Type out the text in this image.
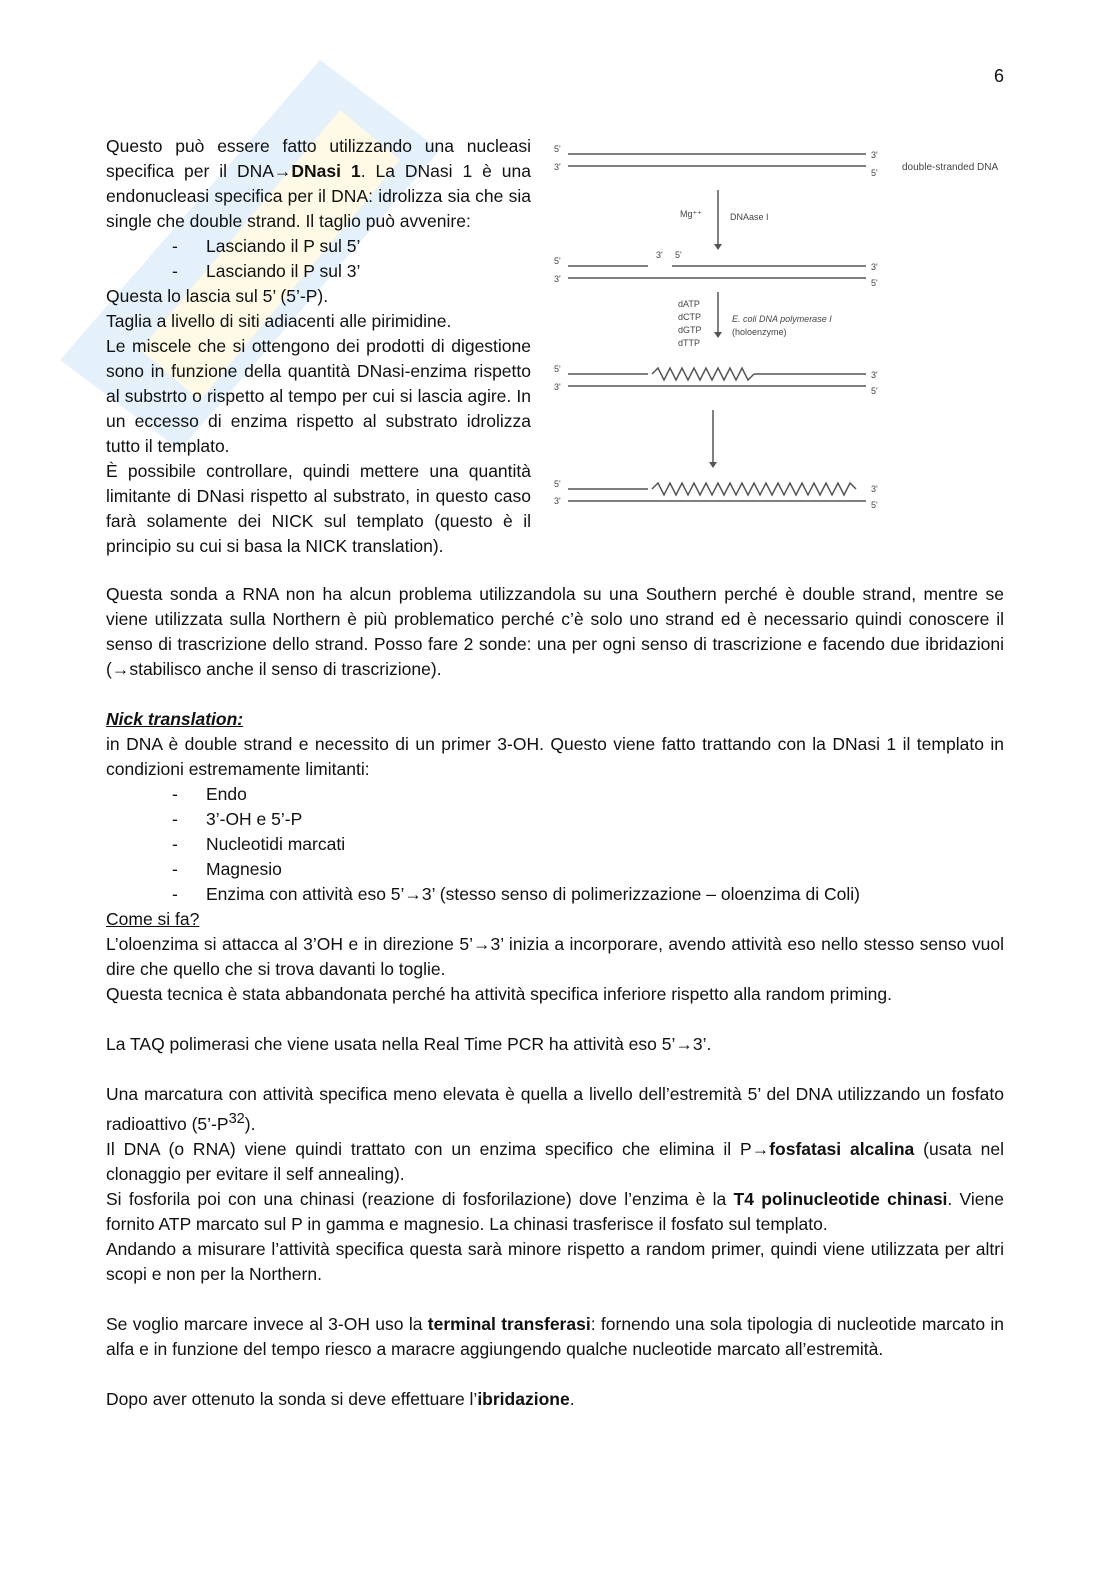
6

Questo può essere fatto utilizzando una nucleasi specifica per il DNA→DNasi 1. La DNasi 1 è una endonucleasi specifica per il DNA: idrolizza sia che sia single che double strand. Il taglio può avvenire:

-	Lasciando il P sul 5’
-	Lasciando il P sul 3’

Questa lo lascia sul 5’ (5’-P).

Taglia a livello di siti adiacenti alle pirimidine.

Le miscele che si ottengono dei prodotti di digestione sono in funzione della quantità DNasi-enzima rispetto al substrto o rispetto al tempo per cui si lascia agire. In un eccesso di enzima rispetto al substrato idrolizza tutto il templato.

È possibile controllare, quindi mettere una quantità limitante di DNasi rispetto al substrato, in questo caso farà solamente dei NICK sul templato (questo è il principio su cui si basa la NICK translation).

5'
3'
3'
5' double-stranded DNA
Mg⁺⁺	DNAase I
5'
3'
3' 5'
3'
5'
dATP
dCTP
dGTP
dTTP
E. coli DNA polymerase I
(holoenzyme)
5'
3'
3'
5'
5'
3'
3'
5'

Questa sonda a RNA non ha alcun problema utilizzandola su una Southern perché è double strand, mentre se viene utilizzata sulla Northern è più problematico perché c’è solo uno strand ed è necessario quindi conoscere il senso di trascrizione dello strand. Posso fare 2 sonde: una per ogni senso di trascrizione e facendo due ibridazioni (→stabilisco anche il senso di trascrizione).

Nick translation:

in DNA è double strand e necessito di un primer 3-OH. Questo viene fatto trattando con la DNasi 1 il templato in condizioni estremamente limitanti:

-	Endo
-	3’-OH e 5’-P
-	Nucleotidi marcati
-	Magnesio
-	Enzima con attività eso 5’→3’ (stesso senso di polimerizzazione – oloenzima di Coli)

Come si fa?

L’oloenzima si attacca al 3’OH e in direzione 5’→3’ inizia a incorporare, avendo attività eso nello stesso senso vuol dire che quello che si trova davanti lo toglie.

Questa tecnica è stata abbandonata perché ha attività specifica inferiore rispetto alla random priming.

La TAQ polimerasi che viene usata nella Real Time PCR ha attività eso 5’→3’.

Una marcatura con attività specifica meno elevata è quella a livello dell’estremità 5’ del DNA utilizzando un fosfato radioattivo $(5’-P^{32})$.

Il DNA (o RNA) viene quindi trattato con un enzima specifico che elimina il P→fosfatasi alcalina (usata nel clonaggio per evitare il self annealing).

Si fosforila poi con una chinasi (reazione di fosforilazione) dove l’enzima è la T4 polinucleotide chinasi. Viene fornito ATP marcato sul P in gamma e magnesio. La chinasi trasferisce il fosfato sul templato.

Andando a misurare l’attività specifica questa sarà minore rispetto a random primer, quindi viene utilizzata per altri scopi e non per la Northern.

Se voglio marcare invece al 3-OH uso la terminal transferasi: fornendo una sola tipologia di nucleotide marcato in alfa e in funzione del tempo riesco a maracre aggiungendo qualche nucleotide marcato all’estremità.

Dopo aver ottenuto la sonda si deve effettuare l’ibridazione.
